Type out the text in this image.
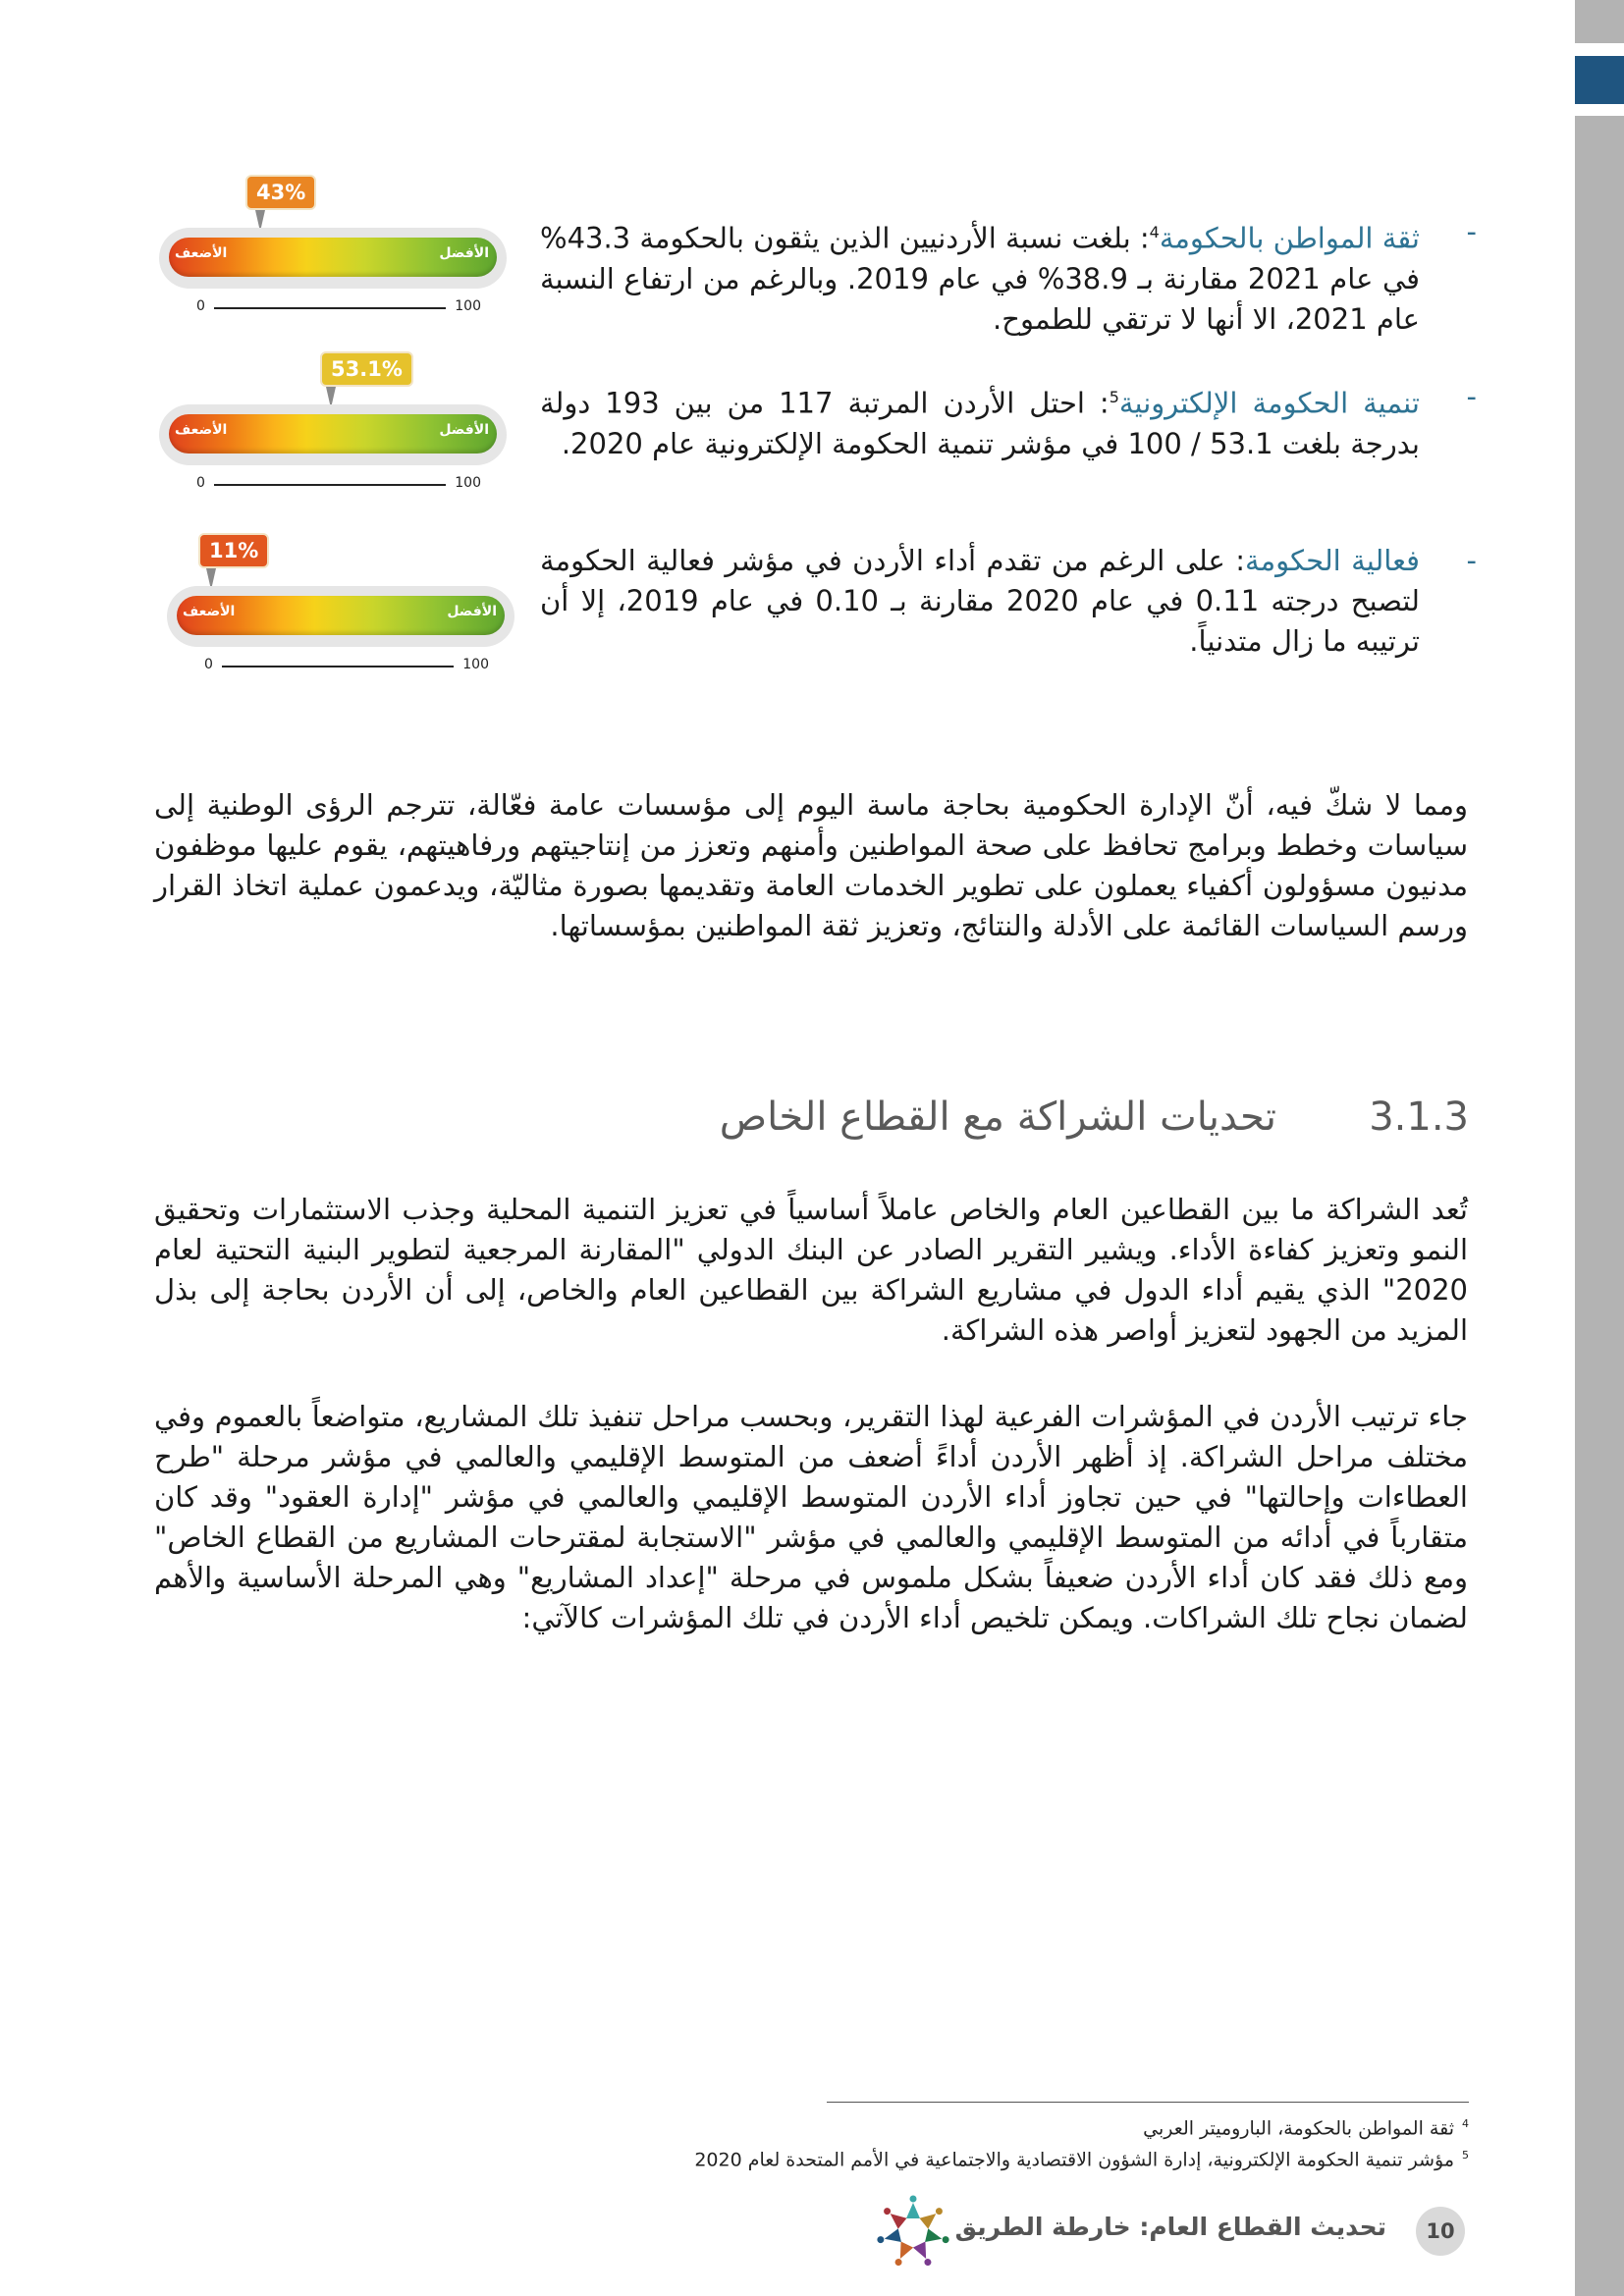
43%
الأضعف	الأفضل
0	100
-
ثقة المواطن بالحكومة$^4$: بلغت نسبة الأردنيين الذين يثقون بالحكومة 43.3% في عام 2021 مقارنة بـ 38.9% في عام 2019. وبالرغم من ارتفاع النسبة عام 2021، الا أنها لا ترتقي للطموح.
53.1%
الأضعف	الأفضل
0	100
-
تنمية الحكومة الإلكترونية$^5$: احتل الأردن المرتبة 117 من بين 193 دولة بدرجة بلغت 53.1 / 100 في مؤشر تنمية الحكومة الإلكترونية عام 2020.
11%
الأضعف	الأفضل
0	100
-
فعالية الحكومة: على الرغم من تقدم أداء الأردن في مؤشر فعالية الحكومة لتصبح درجته 0.11 في عام 2020 مقارنة بـ 0.10 في عام 2019، إلا أن ترتيبه ما زال متدنياً.

ومما لا شكّ فيه، أنّ الإدارة الحكومية بحاجة ماسة اليوم إلى مؤسسات عامة فعّالة، تترجم الرؤى الوطنية إلى سياسات وخطط وبرامج تحافظ على صحة المواطنين وأمنهم وتعزز من إنتاجيتهم ورفاهيتهم، يقوم عليها موظفون مدنيون مسؤولون أكفياء يعملون على تطوير الخدمات العامة وتقديمها بصورة مثاليّة، ويدعمون عملية اتخاذ القرار ورسم السياسات القائمة على الأدلة والنتائج، وتعزيز ثقة المواطنين بمؤسساتها.

3.1.3
تحديات الشراكة مع القطاع الخاص

تُعد الشراكة ما بين القطاعين العام والخاص عاملاً أساسياً في تعزيز التنمية المحلية وجذب الاستثمارات وتحقيق النمو وتعزيز كفاءة الأداء. ويشير التقرير الصادر عن البنك الدولي "المقارنة المرجعية لتطوير البنية التحتية لعام 2020" الذي يقيم أداء الدول في مشاريع الشراكة بين القطاعين العام والخاص، إلى أن الأردن بحاجة إلى بذل المزيد من الجهود لتعزيز أواصر هذه الشراكة.

جاء ترتيب الأردن في المؤشرات الفرعية لهذا التقرير، وبحسب مراحل تنفيذ تلك المشاريع، متواضعاً بالعموم وفي مختلف مراحل الشراكة. إذ أظهر الأردن أداءً أضعف من المتوسط الإقليمي والعالمي في مؤشر مرحلة "طرح العطاءات وإحالتها" في حين تجاوز أداء الأردن المتوسط الإقليمي والعالمي في مؤشر "إدارة العقود" وقد كان متقارباً في أدائه من المتوسط الإقليمي والعالمي في مؤشر "الاستجابة لمقترحات المشاريع من القطاع الخاص" ومع ذلك فقد كان أداء الأردن ضعيفاً بشكل ملموس في مرحلة "إعداد المشاريع" وهي المرحلة الأساسية والأهم لضمان نجاح تلك الشراكات. ويمكن تلخيص أداء الأردن في تلك المؤشرات كالآتي:

$^4$ثقة المواطن بالحكومة، الباروميتر العربي
$^5$مؤشر تنمية الحكومة الإلكترونية، إدارة الشؤون الاقتصادية والاجتماعية في الأمم المتحدة لعام 2020
10
تحديث القطاع العام: خارطة الطريق
